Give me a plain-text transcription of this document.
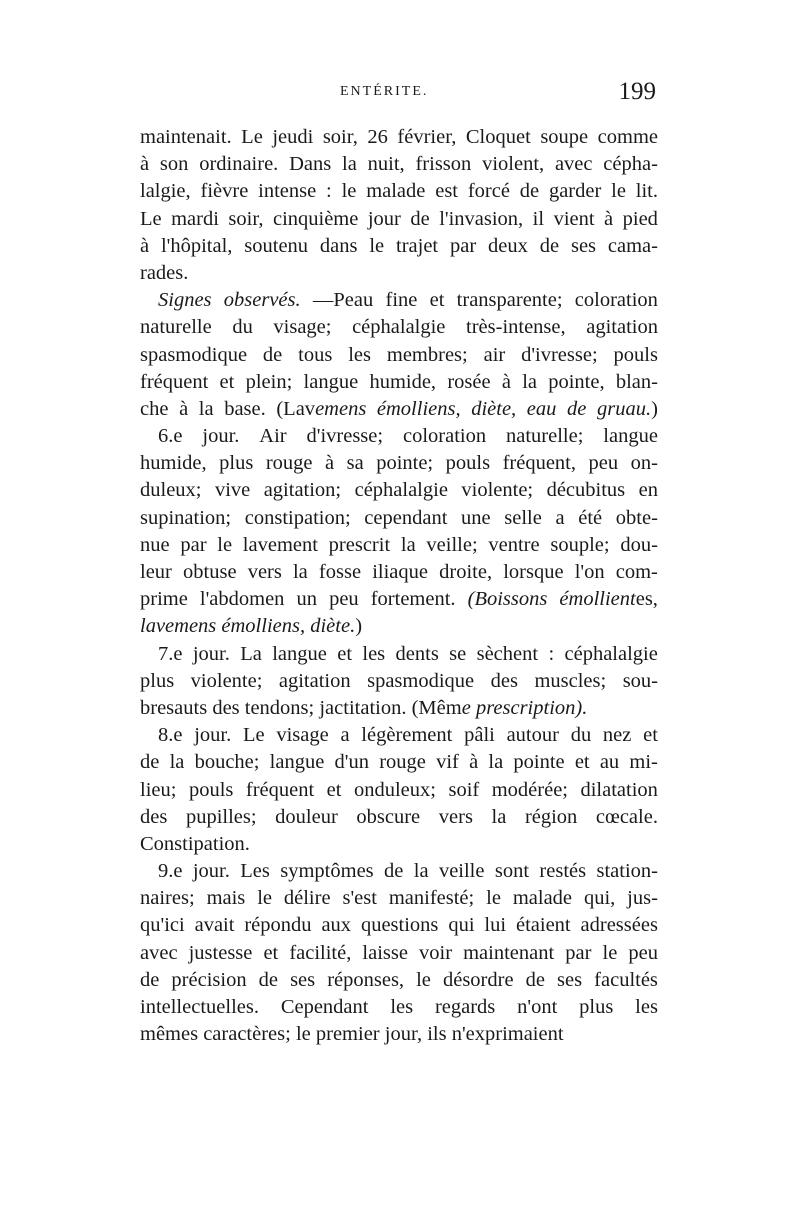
ENTÉRITE.	199
maintenait. Le jeudi soir, 26 février, Cloquet soupe comme
à son ordinaire. Dans la nuit, frisson violent, avec cépha-
lalgie, fièvre intense : le malade est forcé de garder le lit.
Le mardi soir, cinquième jour de l'invasion, il vient à pied
à l'hôpital, soutenu dans le trajet par deux de ses cama-
rades.
Signes observés. —Peau fine et transparente; coloration
naturelle du visage; céphalalgie très-intense, agitation
spasmodique de tous les membres; air d'ivresse; pouls
fréquent et plein; langue humide, rosée à la pointe, blan-
che à la base. (Lavemens émolliens, diète, eau de gruau.)
6.e jour. Air d'ivresse; coloration naturelle; langue
humide, plus rouge à sa pointe; pouls fréquent, peu on-
duleux; vive agitation; céphalalgie violente; décubitus en
supination; constipation; cependant une selle a été obte-
nue par le lavement prescrit la veille; ventre souple; dou-
leur obtuse vers la fosse iliaque droite, lorsque l'on com-
prime l'abdomen un peu fortement. (Boissons émollientes,
lavemens émolliens, diète.)
7.e jour. La langue et les dents se sèchent : céphalalgie
plus violente; agitation spasmodique des muscles; sou-
bresauts des tendons; jactitation. (Même prescription).
8.e jour. Le visage a légèrement pâli autour du nez et
de la bouche; langue d'un rouge vif à la pointe et au mi-
lieu; pouls fréquent et onduleux; soif modérée; dilatation
des pupilles; douleur obscure vers la région cœcale.
Constipation.
9.e jour. Les symptômes de la veille sont restés station-
naires; mais le délire s'est manifesté; le malade qui, jus-
qu'ici avait répondu aux questions qui lui étaient adressées
avec justesse et facilité, laisse voir maintenant par le peu
de précision de ses réponses, le désordre de ses facultés
intellectuelles. Cependant les regards n'ont plus les
mêmes caractères; le premier jour, ils n'exprimaient
